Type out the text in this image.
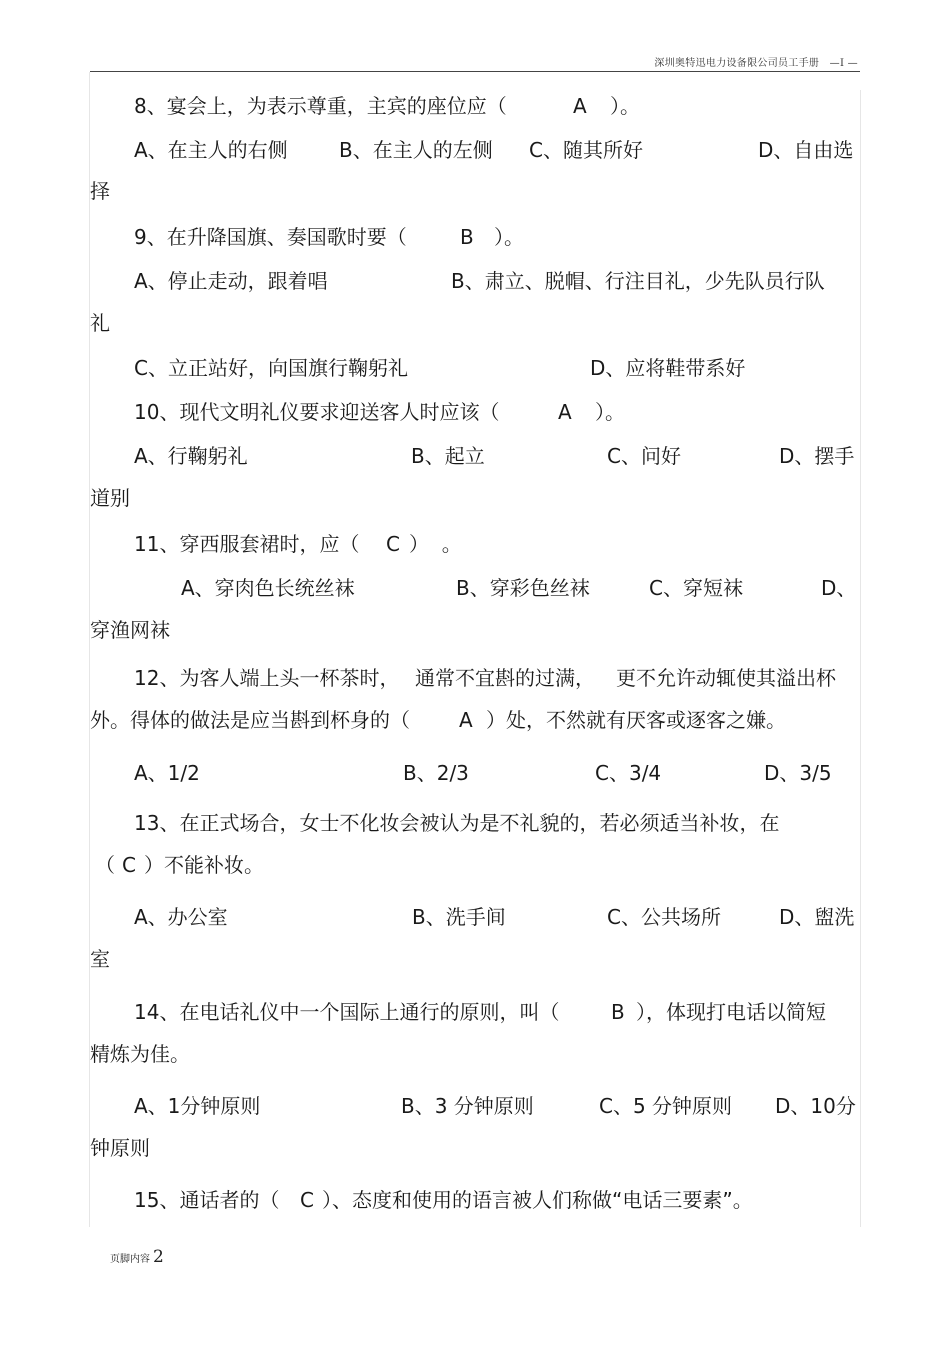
深圳奥特迅电力设备限公司员工手册 —I —
8、宴会上，为表示尊重，主宾的座位应（	A ）。
A、在主人的右侧	B、在主人的左侧 C、随其所好	D、自由选
择
9、在升降国旗、奏国歌时要（	B ）。
A、停止走动，跟着唱	B、肃立、脱帽、行注目礼，少先队员行队
礼
C、立正站好，向国旗行鞠躬礼	D、应将鞋带系好
10、现代文明礼仪要求迎送客人时应该（	A ）。
A、行鞠躬礼	B、起立	C、问好	D、摆手
道别
11、穿西服套裙时，应（ C ）  。
A、穿肉色长统丝袜	B、穿彩色丝袜	C、穿短袜	D、
穿渔网袜
12、为客人端上头一杯茶时， 通常不宜斟的过满， 更不允许动辄使其溢出杯
外。得体的做法是应当斟到杯身的（ A ）处，不然就有厌客或逐客之嫌。
A、1/2	B、2/3	C、3/4	D、3/5
13、在正式场合，女士不化妆会被认为是不礼貌的，若必须适当补妆，在
（ C ）不能补妆。
A、办公室	B、洗手间	C、公共场所	D、盥洗
室
14、在电话礼仪中一个国际上通行的原则，叫（	B ），体现打电话以简短
精炼为佳。
A、1分钟原则	B、3 分钟原则	C、5 分钟原则 D、10分
钟原则
15、通话者的（ C ）、态度和使用的语言被人们称做“电话三要素”。
页脚内容 2
